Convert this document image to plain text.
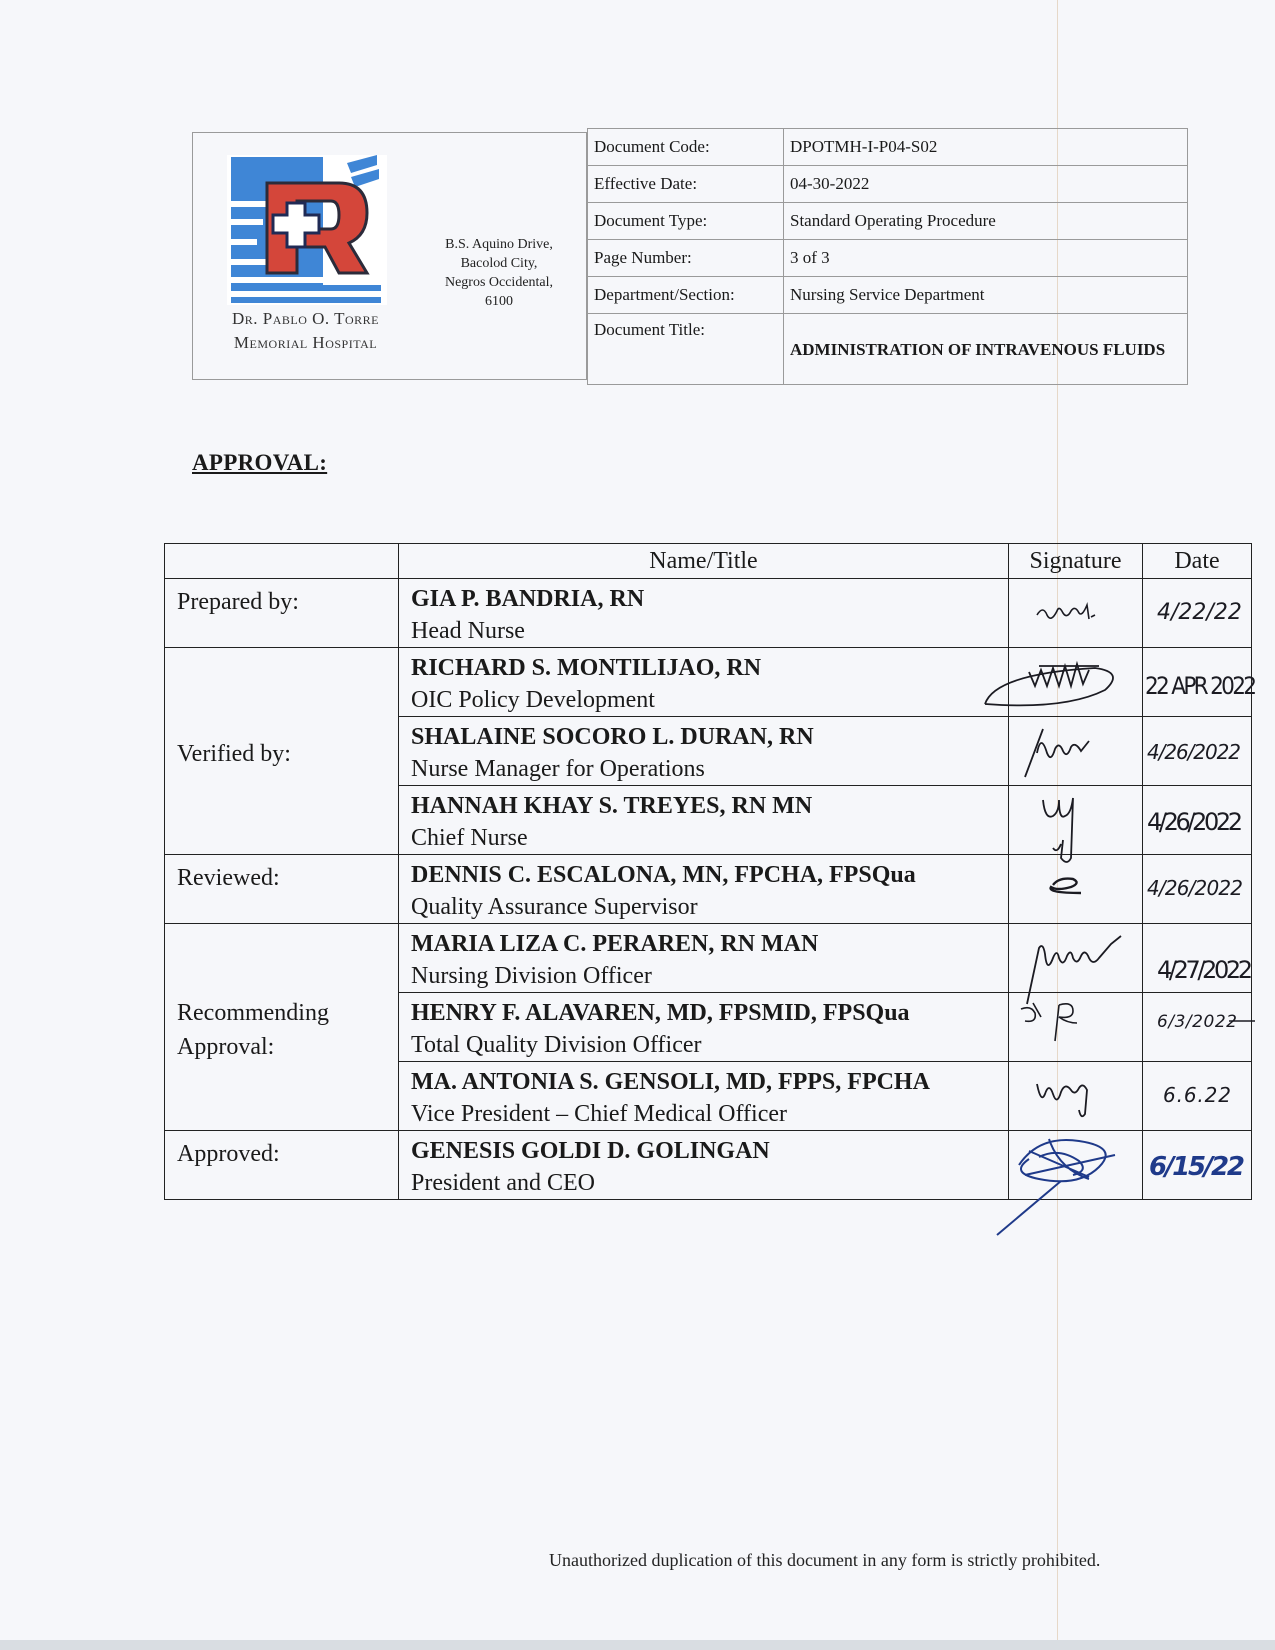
Dr. Pablo O. Torre
Memorial Hospital
B.S. Aquino Drive,
Bacolod City,
Negros Occidental,
6100
Document Code:	DPOTMH-I-P04-S02
Effective Date:	04-30-2022
Document Type:	Standard Operating Procedure
Page Number:	3 of 3
Department/Section:	Nursing Service Department
Document Title:	ADMINISTRATION OF INTRAVENOUS FLUIDS
APPROVAL:
	Name/Title	Signature	Date
Prepared by:	GIA P. BANDRIA, RN
Head Nurse		4/22/22

Verified by:	RICHARD S. MONTILIJAO, RN
OIC Policy Development		22 APR 2022

	SHALAINE SOCORO L. DURAN, RN
Nurse Manager for Operations		4/26/2022

	HANNAH KHAY S. TREYES, RN MN
Chief Nurse		4/26/2022

Reviewed:	DENNIS C. ESCALONA, MN, FPCHA, FPSQua
Quality Assurance Supervisor		4/26/2022

Recommending Approval:	MARIA LIZA C. PERAREN, RN MAN
Nursing Division Officer		4/27/2022

	HENRY F. ALAVAREN, MD, FPSMID, FPSQua
Total Quality Division Officer		6/3/2022

	MA. ANTONIA S. GENSOLI, MD, FPPS, FPCHA
Vice President – Chief Medical Officer		6.6.22

Approved:	GENESIS GOLDI D. GOLINGAN
President and CEO		6/15/22
Unauthorized duplication of this document in any form is strictly prohibited.
